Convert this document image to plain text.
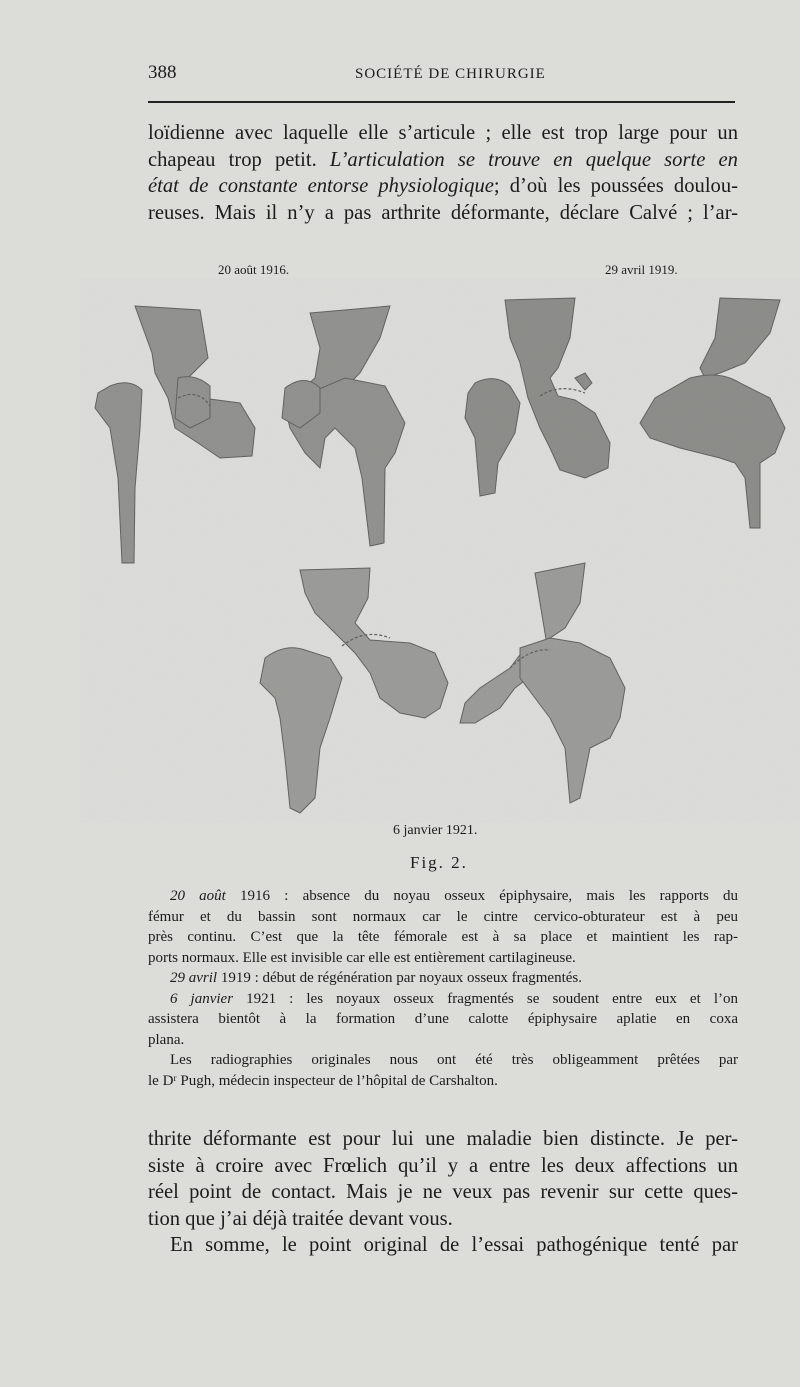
388	SOCIÉTÉ DE CHIRURGIE
loïdienne avec laquelle elle s’articule ; elle est trop large pour un
chapeau trop petit. L’articulation se trouve en quelque sorte en
état de constante entorse physiologique; d’où les poussées doulou-
reuses. Mais il n’y a pas arthrite déformante, déclare Calvé ; l’ar-
20 août 1916.	29 avril 1919.
6 janvier 1921.
Fig. 2.
20 août 1916 : absence du noyau osseux épiphysaire, mais les rapports du
fémur et du bassin sont normaux car le cintre cervico-obturateur est à peu
près continu. C’est que la tête fémorale est à sa place et maintient les rap-
ports normaux. Elle est invisible car elle est entièrement cartilagineuse.
29 avril 1919 : début de régénération par noyaux osseux fragmentés.
6 janvier 1921 : les noyaux osseux fragmentés se soudent entre eux et l’on
assistera bientôt à la formation d’une calotte épiphysaire aplatie en coxa
plana.
Les radiographies originales nous ont été très obligeamment prêtées par
le Dʳ Pugh, médecin inspecteur de l’hôpital de Carshalton.
thrite déformante est pour lui une maladie bien distincte. Je per-
siste à croire avec Frœlich qu’il y a entre les deux affections un
réel point de contact. Mais je ne veux pas revenir sur cette ques-
tion que j’ai déjà traitée devant vous.
En somme, le point original de l’essai pathogénique tenté par
